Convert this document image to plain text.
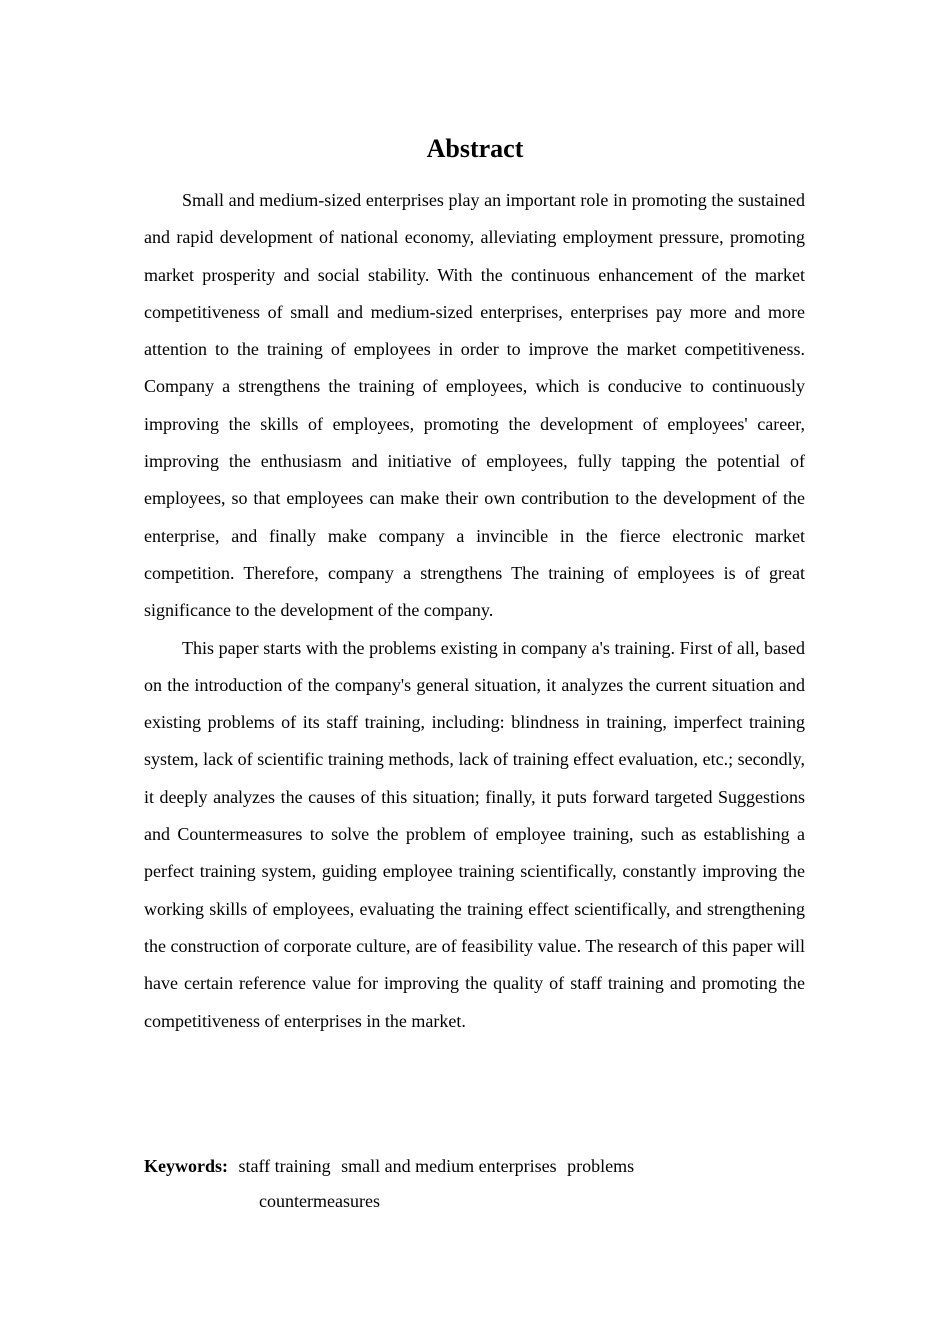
Abstract

Small and medium-sized enterprises play an important role in promoting the sustained and rapid development of national economy, alleviating employment pressure, promoting market prosperity and social stability. With the continuous enhancement of the market competitiveness of small and medium-sized enterprises, enterprises pay more and more attention to the training of employees in order to improve the market competitiveness. Company a strengthens the training of employees, which is conducive to continuously improving the skills of employees, promoting the development of employees' career, improving the enthusiasm and initiative of employees, fully tapping the potential of employees, so that employees can make their own contribution to the development of the enterprise, and finally make company a invincible in the fierce electronic market competition. Therefore, company a strengthens The training of employees is of great significance to the development of the company.

This paper starts with the problems existing in company a's training. First of all, based on the introduction of the company's general situation, it analyzes the current situation and existing problems of its staff training, including: blindness in training, imperfect training system, lack of scientific training methods, lack of training effect evaluation, etc.; secondly, it deeply analyzes the causes of this situation; finally, it puts forward targeted Suggestions and Countermeasures to solve the problem of employee training, such as establishing a perfect training system, guiding employee training scientifically, constantly improving the working skills of employees, evaluating the training effect scientifically, and strengthening the construction of corporate culture, are of feasibility value. The research of this paper will have certain reference value for improving the quality of staff training and promoting the competitiveness of enterprises in the market.

Keywords: staff training small and medium enterprises problems
countermeasures
